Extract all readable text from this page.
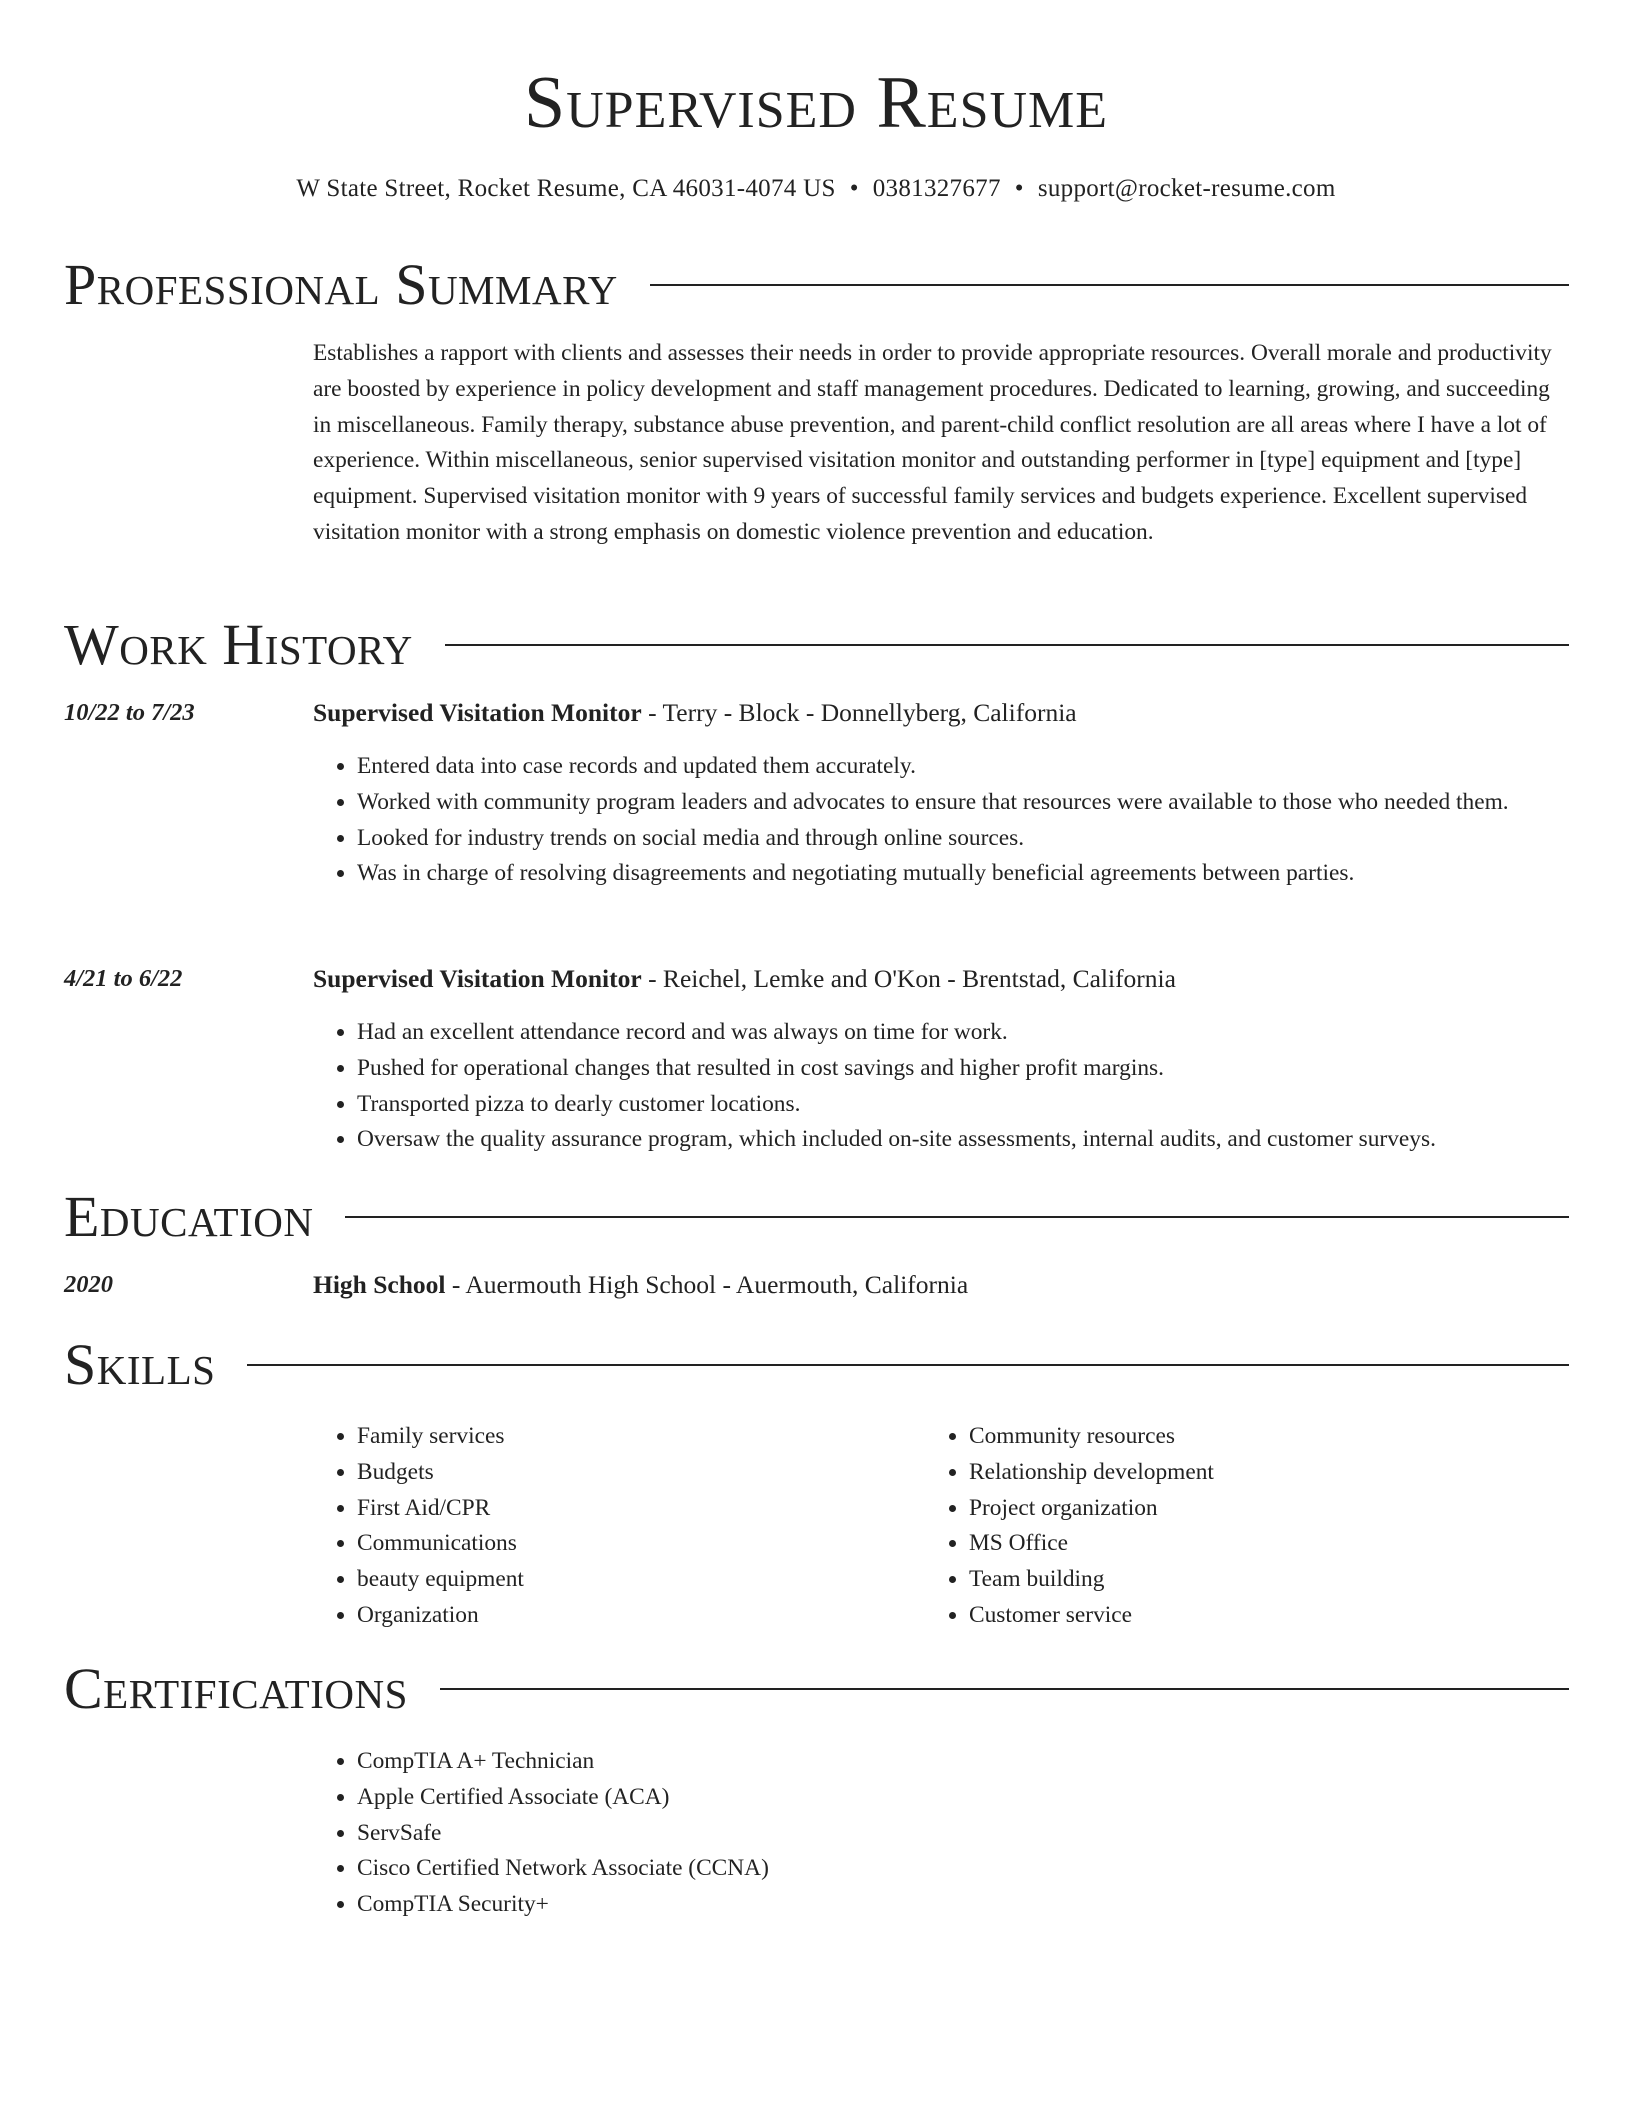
Supervised Resume
W State Street, Rocket Resume, CA 46031-4074 US • 0381327677 • support@rocket-resume.com
Professional Summary

Establishes a rapport with clients and assesses their needs in order to provide appropriate resources. Overall morale and productivity are boosted by experience in policy development and staff management procedures. Dedicated to learning, growing, and succeeding in miscellaneous. Family therapy, substance abuse prevention, and parent-child conflict resolution are all areas where I have a lot of experience. Within miscellaneous, senior supervised visitation monitor and outstanding performer in [type] equipment and [type] equipment. Supervised visitation monitor with 9 years of successful family services and budgets experience. Excellent supervised visitation monitor with a strong emphasis on domestic violence prevention and education.

Work History
10/22 to 7/23	Supervised Visitation Monitor - Terry - Block - Donnellyberg, California
• Entered data into case records and updated them accurately.
• Worked with community program leaders and advocates to ensure that resources were available to those who needed them.
• Looked for industry trends on social media and through online sources.
• Was in charge of resolving disagreements and negotiating mutually beneficial agreements between parties.
4/21 to 6/22	Supervised Visitation Monitor - Reichel, Lemke and O'Kon - Brentstad, California
• Had an excellent attendance record and was always on time for work.
• Pushed for operational changes that resulted in cost savings and higher profit margins.
• Transported pizza to dearly customer locations.
• Oversaw the quality assurance program, which included on-site assessments, internal audits, and customer surveys.
Education
2020	High School - Auermouth High School - Auermouth, California
Skills
• Family services
• Budgets
• First Aid/CPR
• Communications
• beauty equipment
• Organization
• Community resources
• Relationship development
• Project organization
• MS Office
• Team building
• Customer service
Certifications
• CompTIA A+ Technician
• Apple Certified Associate (ACA)
• ServSafe
• Cisco Certified Network Associate (CCNA)
• CompTIA Security+
